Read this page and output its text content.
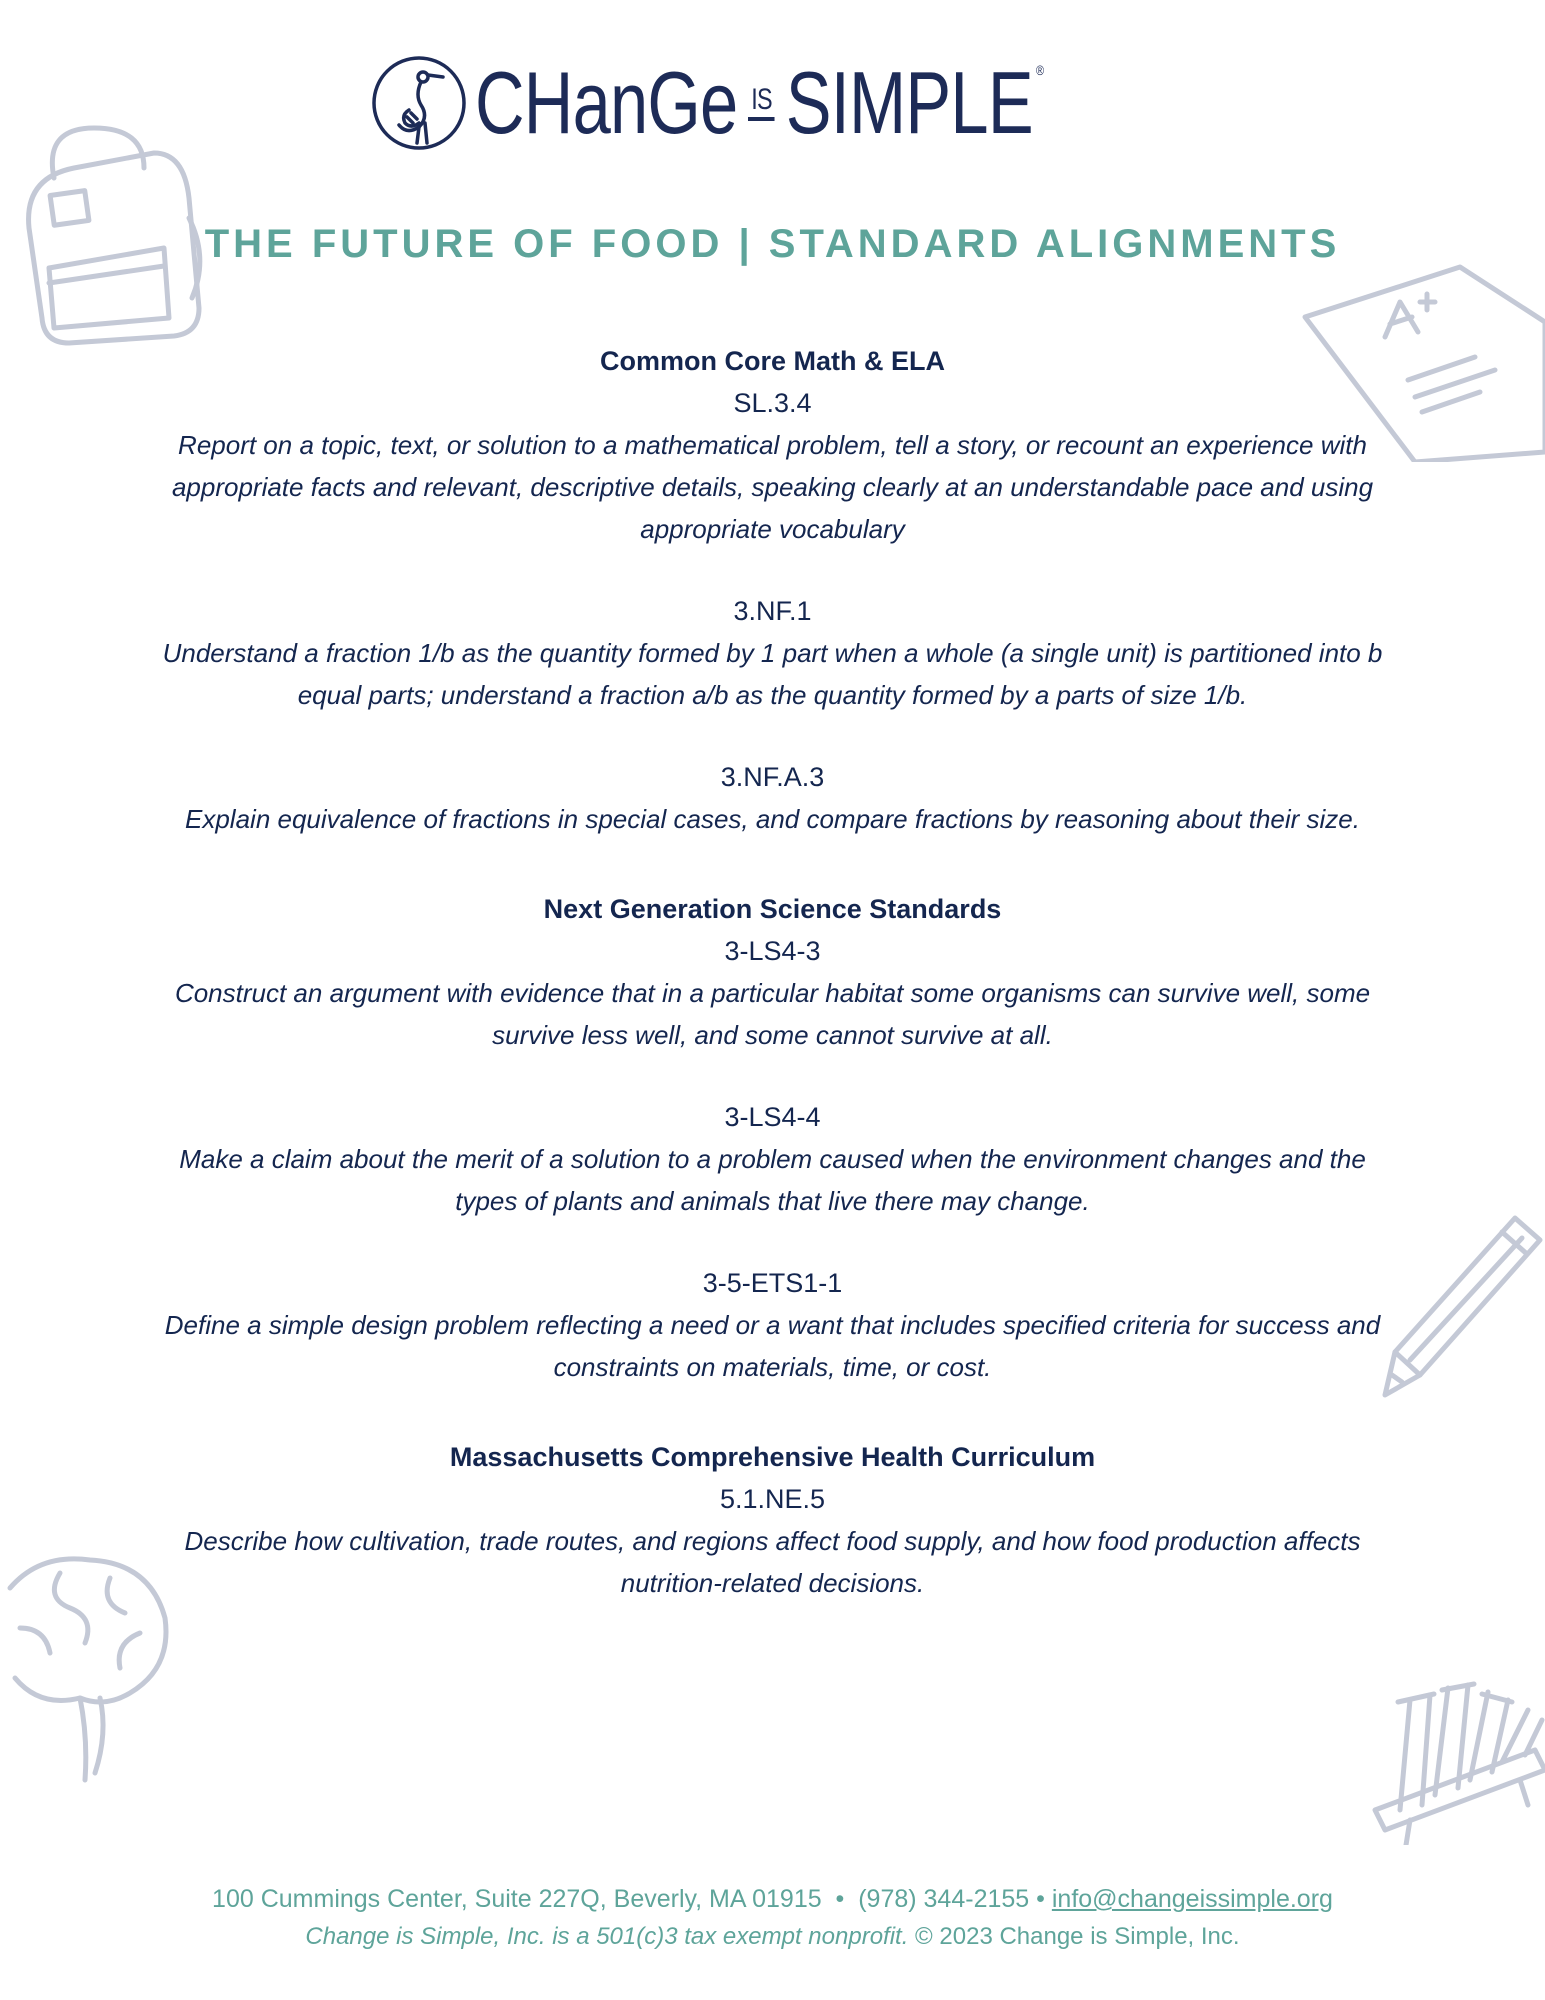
CHanGe IS SIMPLE ®
THE FUTURE OF FOOD | STANDARD ALIGNMENTS
Common Core Math & ELA
SL.3.4
Report on a topic, text, or solution to a mathematical problem, tell a story, or recount an experience with appropriate facts and relevant, descriptive details, speaking clearly at an understandable pace and using appropriate vocabulary
3.NF.1
Understand a fraction 1/b as the quantity formed by 1 part when a whole (a single unit) is partitioned into b equal parts; understand a fraction a/b as the quantity formed by a parts of size 1/b.
3.NF.A.3
Explain equivalence of fractions in special cases, and compare fractions by reasoning about their size.
Next Generation Science Standards
3-LS4-3
Construct an argument with evidence that in a particular habitat some organisms can survive well, some survive less well, and some cannot survive at all.
3-LS4-4
Make a claim about the merit of a solution to a problem caused when the environment changes and the types of plants and animals that live there may change.
3-5-ETS1-1
Define a simple design problem reflecting a need or a want that includes specified criteria for success and constraints on materials, time, or cost.
Massachusetts Comprehensive Health Curriculum
5.1.NE.5
Describe how cultivation, trade routes, and regions affect food supply, and how food production affects nutrition-related decisions.
100 Cummings Center, Suite 227Q, Beverly, MA 01915 • (978) 344-2155 • info@changeissimple.org
Change is Simple, Inc. is a 501(c)3 tax exempt nonprofit. © 2023 Change is Simple, Inc.
